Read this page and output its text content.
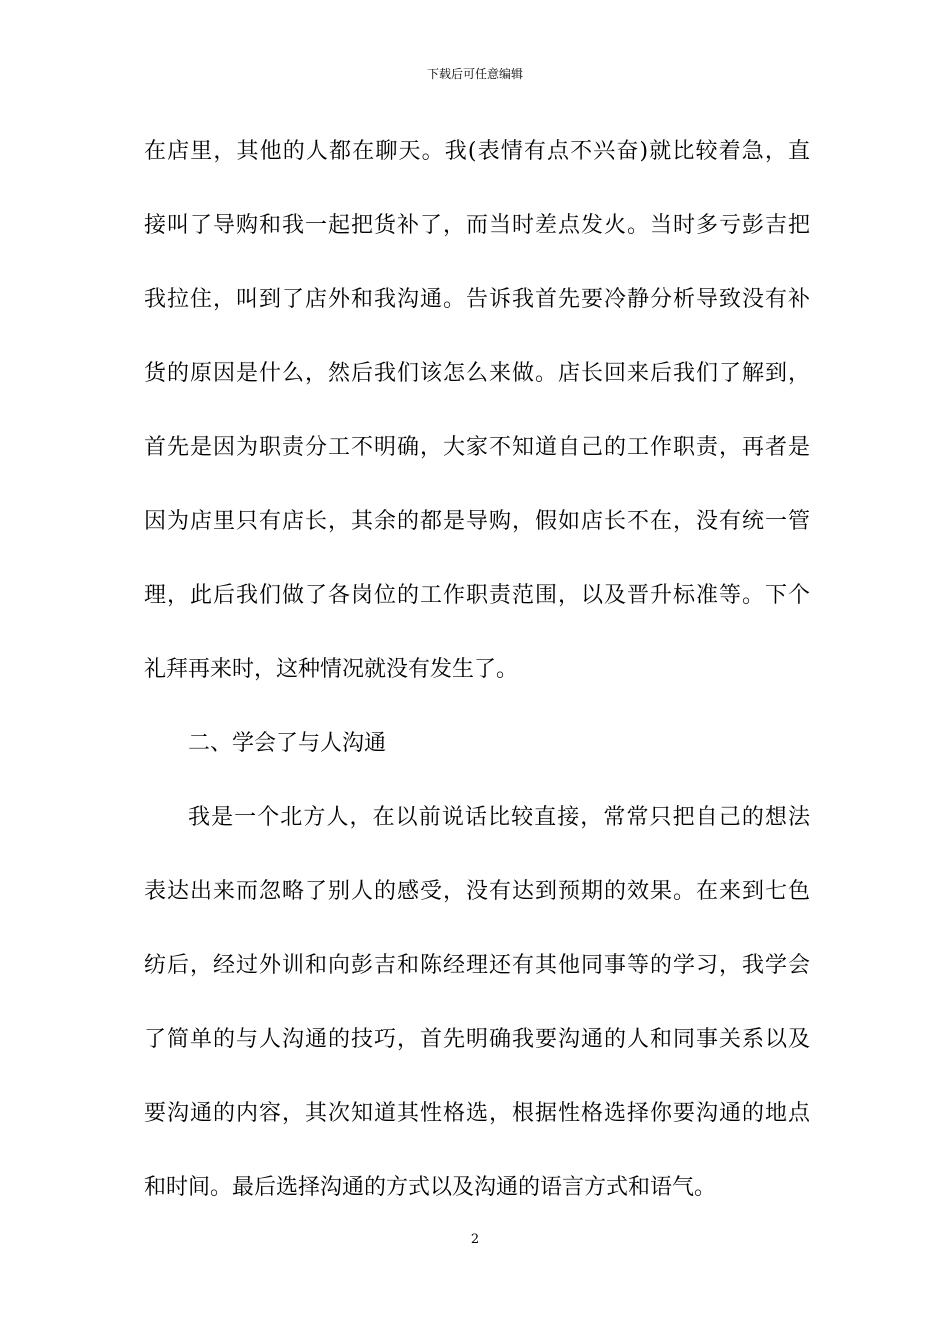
下载后可任意编辑
在店里，其他的人都在聊天。我(表情有点不兴奋)就比较着急，直
接叫了导购和我一起把货补了，而当时差点发火。当时多亏彭吉把
我拉住，叫到了店外和我沟通。告诉我首先要冷静分析导致没有补
货的原因是什么，然后我们该怎么来做。店长回来后我们了解到，
首先是因为职责分工不明确，大家不知道自己的工作职责，再者是
因为店里只有店长，其余的都是导购，假如店长不在，没有统一管
理，此后我们做了各岗位的工作职责范围，以及晋升标准等。下个
礼拜再来时，这种情况就没有发生了。
二、学会了与人沟通
我是一个北方人，在以前说话比较直接，常常只把自己的想法
表达出来而忽略了别人的感受，没有达到预期的效果。在来到七色
纺后，经过外训和向彭吉和陈经理还有其他同事等的学习，我学会
了简单的与人沟通的技巧，首先明确我要沟通的人和同事关系以及
要沟通的内容，其次知道其性格选，根据性格选择你要沟通的地点
和时间。最后选择沟通的方式以及沟通的语言方式和语气。
2
